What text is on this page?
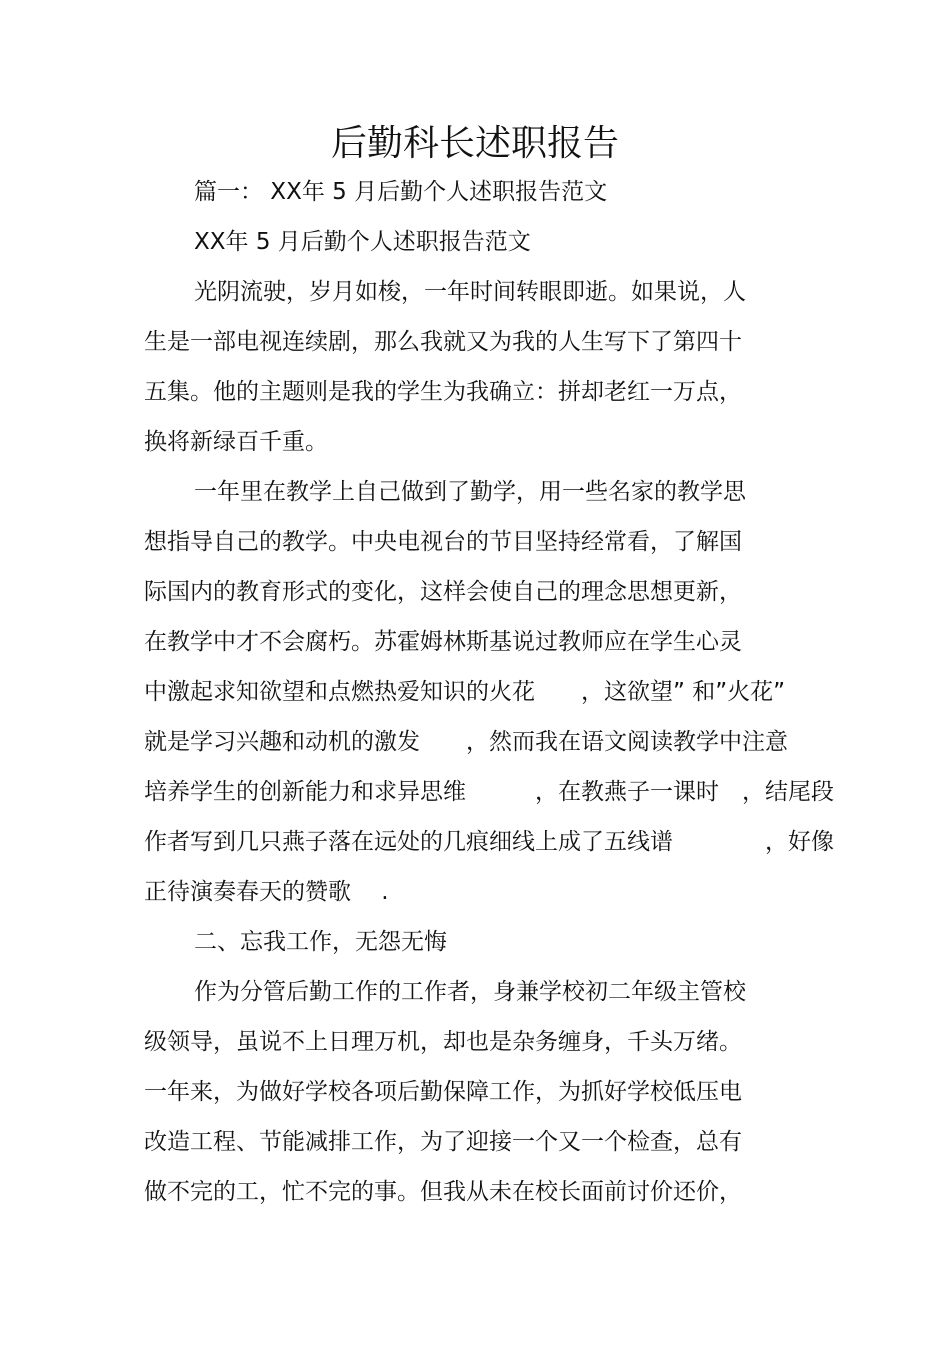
后勤科长述职报告
篇一： XX年 5 月后勤个人述职报告范文
XX年 5 月后勤个人述职报告范文
光阴流驶，岁月如梭，一年时间转眼即逝。如果说，人
生是一部电视连续剧，那么我就又为我的人生写下了第四十
五集。他的主题则是我的学生为我确立：拼却老红一万点，
换将新绿百千重。
一年里在教学上自己做到了勤学，用一些名家的教学思
想指导自己的教学。中央电视台的节目坚持经常看，了解国
际国内的教育形式的变化，这样会使自己的理念思想更新，
在教学中才不会腐朽。苏霍姆林斯基说过教师应在学生心灵
中激起求知欲望和点燃热爱知识的火花　　，这欲望” 和”火花”
就是学习兴趣和动机的激发　　，然而我在语文阅读教学中注意
培养学生的创新能力和求异思维　　　，在教燕子一课时　，结尾段
作者写到几只燕子落在远处的几痕细线上成了五线谱　　　　，好像
正待演奏春天的赞歌　 .
二、忘我工作，无怨无悔
作为分管后勤工作的工作者，身兼学校初二年级主管校
级领导，虽说不上日理万机，却也是杂务缠身，千头万绪。
一年来，为做好学校各项后勤保障工作，为抓好学校低压电
改造工程、节能减排工作，为了迎接一个又一个检查，总有
做不完的工，忙不完的事。但我从未在校长面前讨价还价，
